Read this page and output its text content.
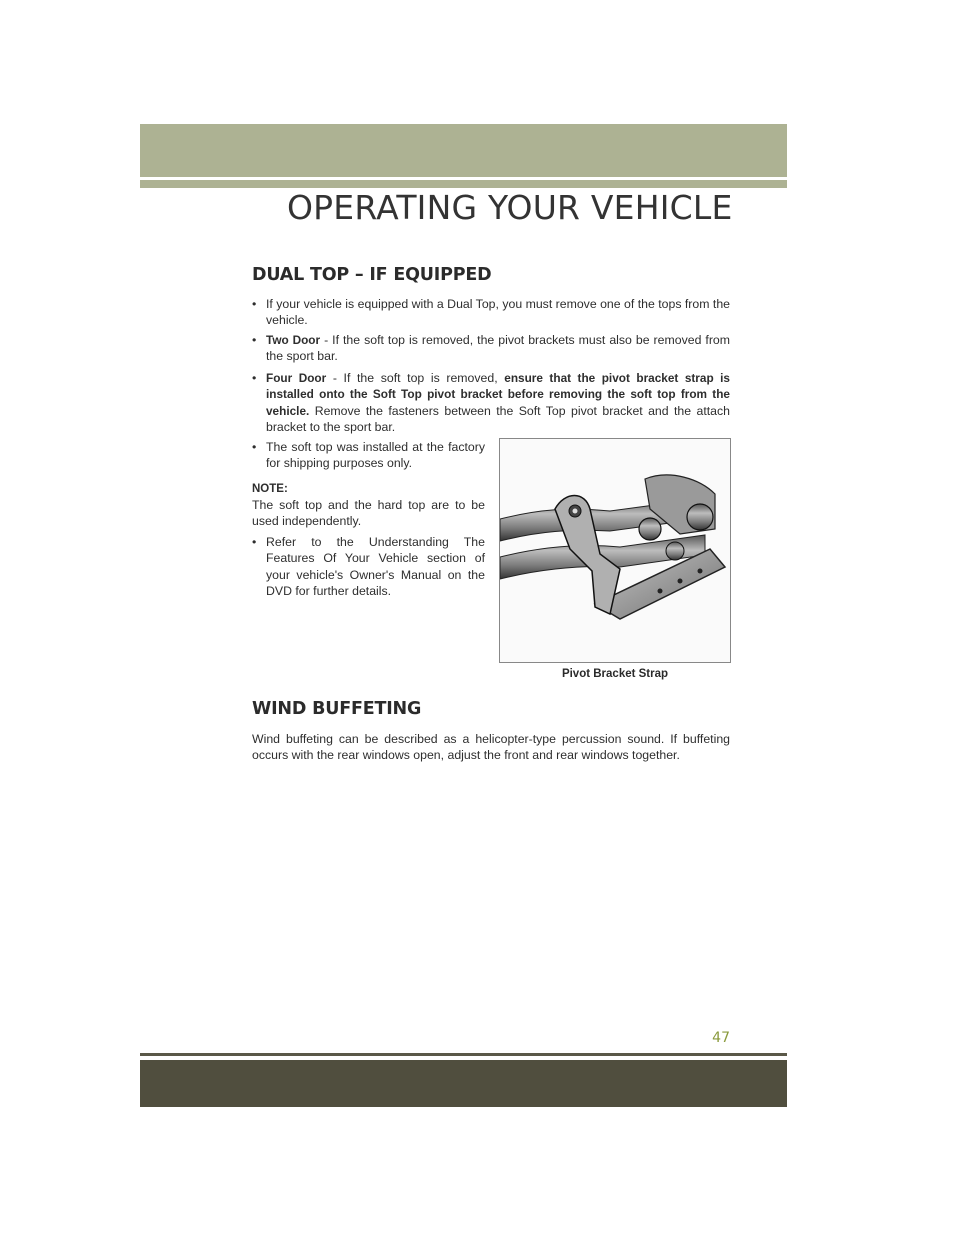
OPERATING YOUR VEHICLE
DUAL TOP – IF EQUIPPED
• If your vehicle is equipped with a Dual Top, you must remove one of the tops from the vehicle.
• Two Door - If the soft top is removed, the pivot brackets must also be removed from the sport bar.
• Four Door - If the soft top is removed, ensure that the pivot bracket strap is installed onto the Soft Top pivot bracket before removing the soft top from the vehicle. Remove the fasteners between the Soft Top pivot bracket and the attach bracket to the sport bar.
• The soft top was installed at the factory for shipping purposes only.
NOTE:
The soft top and the hard top are to be used independently.
• Refer to the Understanding The Features Of Your Vehicle section of your vehicle's Owner's Manual on the DVD for further details.
Pivot Bracket Strap
WIND BUFFETING
Wind buffeting can be described as a helicopter-type percussion sound. If buffeting occurs with the rear windows open, adjust the front and rear windows together.
47
